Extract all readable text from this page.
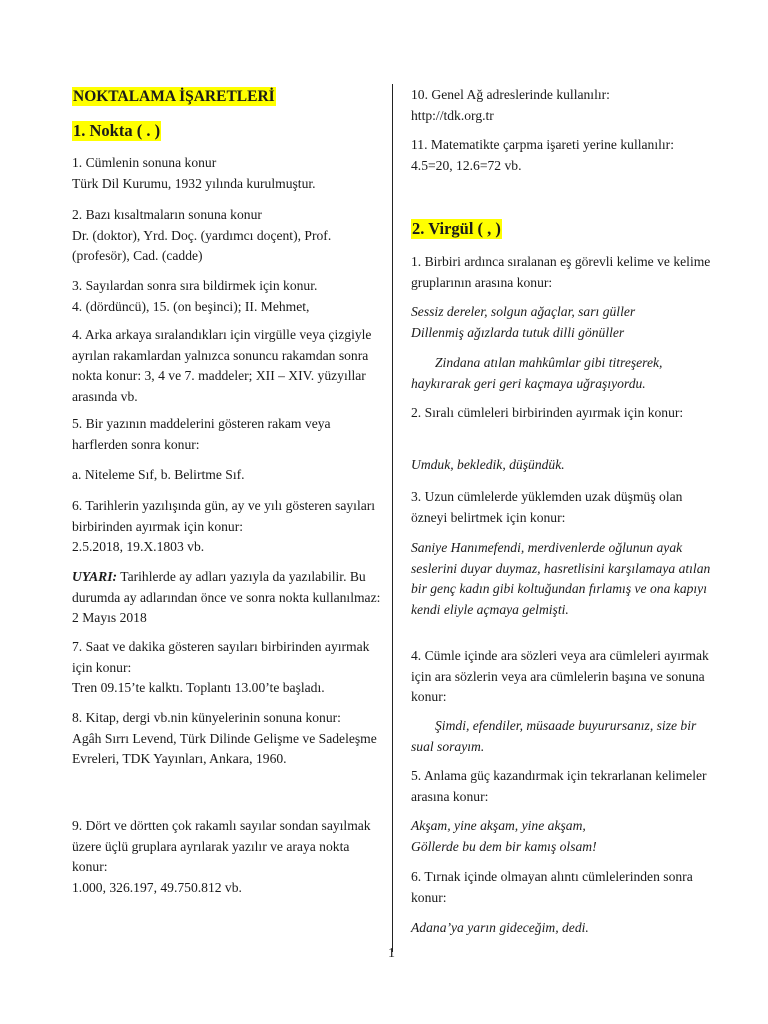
NOKTALAMA İŞARETLERİ
1. Nokta ( . )

1. Cümlenin sonuna konur
Türk Dil Kurumu, 1932 yılında kurulmuştur.

2. Bazı kısaltmaların sonuna konur
Dr. (doktor), Yrd. Doç. (yardımcı doçent), Prof. (profesör), Cad. (cadde)

3. Sayılardan sonra sıra bildirmek için konur.
4. (dördüncü), 15. (on beşinci); II. Mehmet,

4. Arka arkaya sıralandıkları için virgülle veya çizgiyle ayrılan rakamlardan yalnızca sonuncu rakamdan sonra nokta konur: 3, 4 ve 7. maddeler; XII – XIV. yüzyıllar arasında vb.

5. Bir yazının maddelerini gösteren rakam veya harflerden sonra konur:

a. Niteleme Sıf, b. Belirtme Sıf.

6. Tarihlerin yazılışında gün, ay ve yılı gösteren sayıları birbirinden ayırmak için konur:
2.5.2018, 19.X.1803 vb.

UYARI: Tarihlerde ay adları yazıyla da yazılabilir. Bu durumda ay adlarından önce ve sonra nokta kullanılmaz: 2 Mayıs 2018

7. Saat ve dakika gösteren sayıları birbirinden ayırmak için konur:
Tren 09.15’te kalktı. Toplantı 13.00’te başladı.

8. Kitap, dergi vb.nin künyelerinin sonuna konur:
Agâh Sırrı Levend, Türk Dilinde Gelişme ve Sadeleşme Evreleri, TDK Yayınları, Ankara, 1960.

9. Dört ve dörtten çok rakamlı sayılar sondan sayılmak üzere üçlü gruplara ayrılarak yazılır ve araya nokta konur:
1.000, 326.197, 49.750.812 vb.

10. Genel Ağ adreslerinde kullanılır:
http://tdk.org.tr

11. Matematikte çarpma işareti yerine kullanılır:
4.5=20, 12.6=72 vb.

2. Virgül ( , )

1. Birbiri ardınca sıralanan eş görevli kelime ve kelime gruplarının arasına konur:

Sessiz dereler, solgun ağaçlar, sarı güller
Dillenmiş ağızlarda tutuk dilli gönüller

Zindana atılan mahkûmlar gibi titreşerek, haykırarak geri geri kaçmaya uğraşıyordu.

2. Sıralı cümleleri birbirinden ayırmak için konur:

Umduk, bekledik, düşündük.

3. Uzun cümlelerde yüklemden uzak düşmüş olan özneyi belirtmek için konur:

Saniye Hanımefendi, merdivenlerde oğlunun ayak seslerini duyar duymaz, hasretlisini karşılamaya atılan bir genç kadın gibi koltuğundan fırlamış ve ona kapıyı kendi eliyle açmaya gelmişti.

4. Cümle içinde ara sözleri veya ara cümleleri ayırmak için ara sözlerin veya ara cümlelerin başına ve sonuna konur:

Şimdi, efendiler, müsaade buyurursanız, size bir sual sorayım.

5. Anlama güç kazandırmak için tekrarlanan kelimeler arasına konur:

Akşam, yine akşam, yine akşam,
Göllerde bu dem bir kamış olsam!

6. Tırnak içinde olmayan alıntı cümlelerinden sonra konur:

Adana’ya yarın gideceğim, dedi.

1
